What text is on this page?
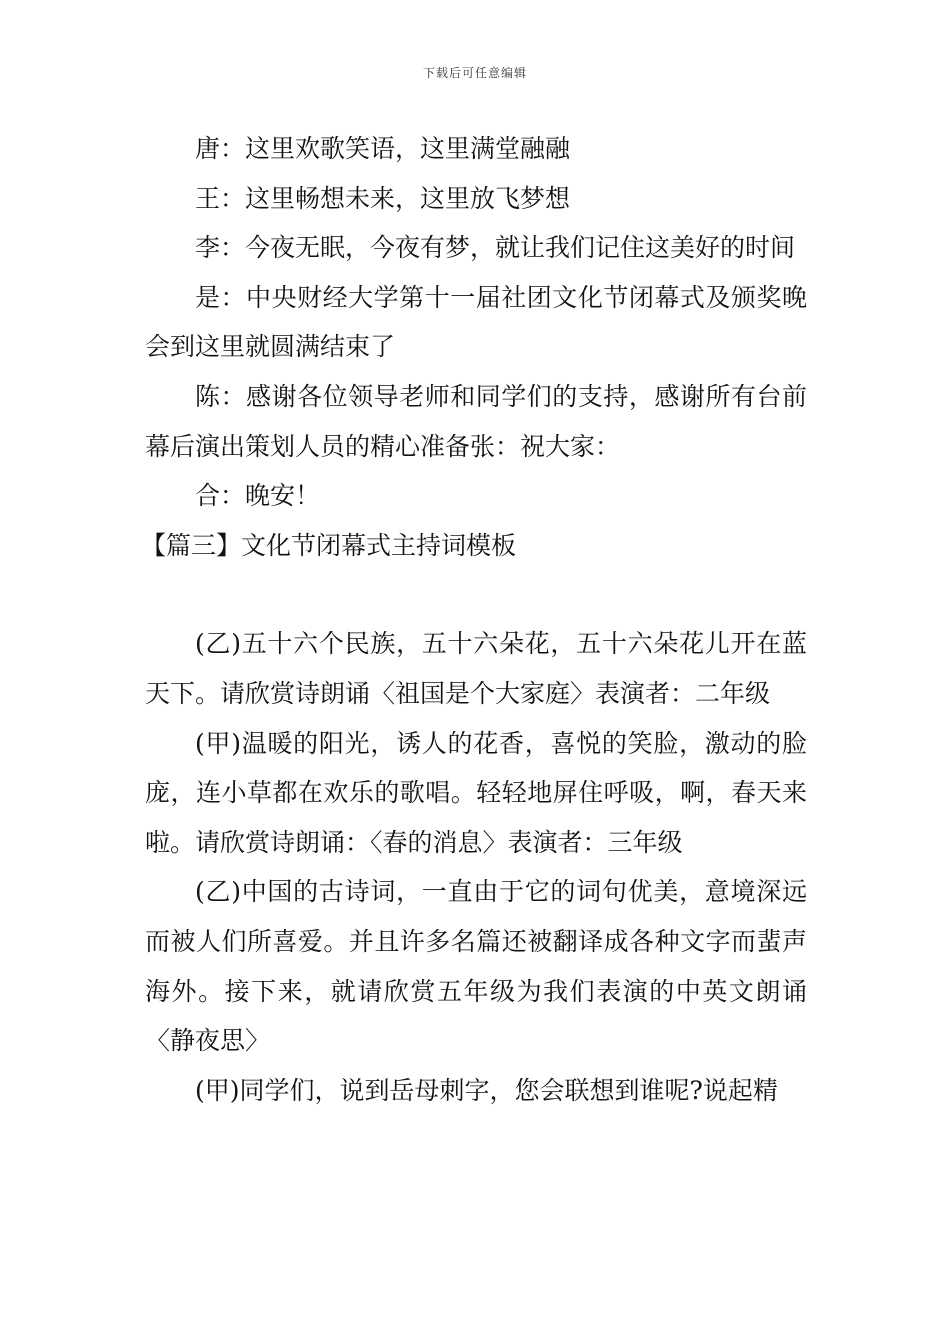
下载后可任意编辑

唐：这里欢歌笑语，这里满堂融融

王：这里畅想未来，这里放飞梦想

李：今夜无眠，今夜有梦，就让我们记住这美好的时间

是：中央财经大学第十一届社团文化节闭幕式及颁奖晚会到这里就圆满结束了

陈：感谢各位领导老师和同学们的支持，感谢所有台前幕后演出策划人员的精心准备张：祝大家：

合：晚安！

【篇三】文化节闭幕式主持词模板

(乙)五十六个民族，五十六朵花，五十六朵花儿开在蓝天下。请欣赏诗朗诵〈祖国是个大家庭〉表演者：二年级

(甲)温暖的阳光，诱人的花香，喜悦的笑脸，激动的脸庞，连小草都在欢乐的歌唱。轻轻地屏住呼吸，啊，春天来啦。请欣赏诗朗诵：〈春的消息〉表演者：三年级

(乙)中国的古诗词，一直由于它的词句优美，意境深远而被人们所喜爱。并且许多名篇还被翻译成各种文字而蜚声海外。接下来，就请欣赏五年级为我们表演的中英文朗诵〈静夜思〉

(甲)同学们，说到岳母刺字，您会联想到谁呢?说起精
